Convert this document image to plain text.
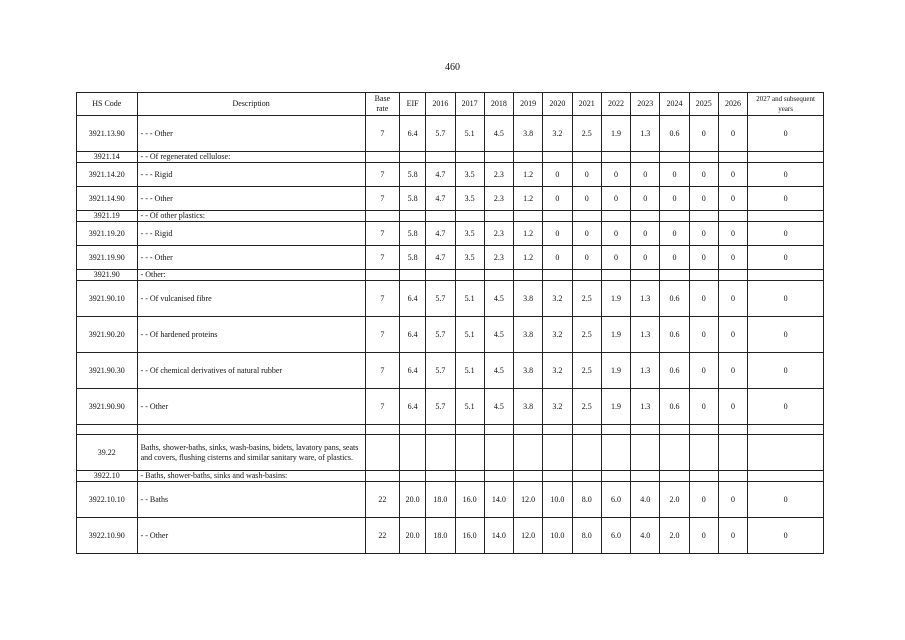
460
HS Code	Description	Base rate	EIF	2016	2017	2018	2019	2020	2021	2022	2023	2024	2025	2026	2027 and subsequent years
3921.13.90	- - - Other	7	6.4	5.7	5.1	4.5	3.8	3.2	2.5	1.9	1.3	0.6	0	0	0
3921.14	- - Of regenerated cellulose:														
3921.14.20	- - - Rigid	7	5.8	4.7	3.5	2.3	1.2	0	0	0	0	0	0	0	0
3921.14.90	- - - Other	7	5.8	4.7	3.5	2.3	1.2	0	0	0	0	0	0	0	0
3921.19	- - Of other plastics:														
3921.19.20	- - - Rigid	7	5.8	4.7	3.5	2.3	1.2	0	0	0	0	0	0	0	0
3921.19.90	- - - Other	7	5.8	4.7	3.5	2.3	1.2	0	0	0	0	0	0	0	0
3921.90	- Other:														
3921.90.10	- - Of vulcanised fibre	7	6.4	5.7	5.1	4.5	3.8	3.2	2.5	1.9	1.3	0.6	0	0	0
3921.90.20	- - Of hardened proteins	7	6.4	5.7	5.1	4.5	3.8	3.2	2.5	1.9	1.3	0.6	0	0	0
3921.90.30	- - Of chemical derivatives of natural rubber	7	6.4	5.7	5.1	4.5	3.8	3.2	2.5	1.9	1.3	0.6	0	0	0
3921.90.90	- - Other	7	6.4	5.7	5.1	4.5	3.8	3.2	2.5	1.9	1.3	0.6	0	0	0

39.22	Baths, shower-baths, sinks, wash-basins, bidets, lavatory pans, seats and covers, flushing cisterns and similar sanitary ware, of plastics.														
3922.10	- Baths, shower-baths, sinks and wash-basins:														
3922.10.10	- - Baths	22	20.0	18.0	16.0	14.0	12.0	10.0	8.0	6.0	4.0	2.0	0	0	0
3922.10.90	- - Other	22	20.0	18.0	16.0	14.0	12.0	10.0	8.0	6.0	4.0	2.0	0	0	0
